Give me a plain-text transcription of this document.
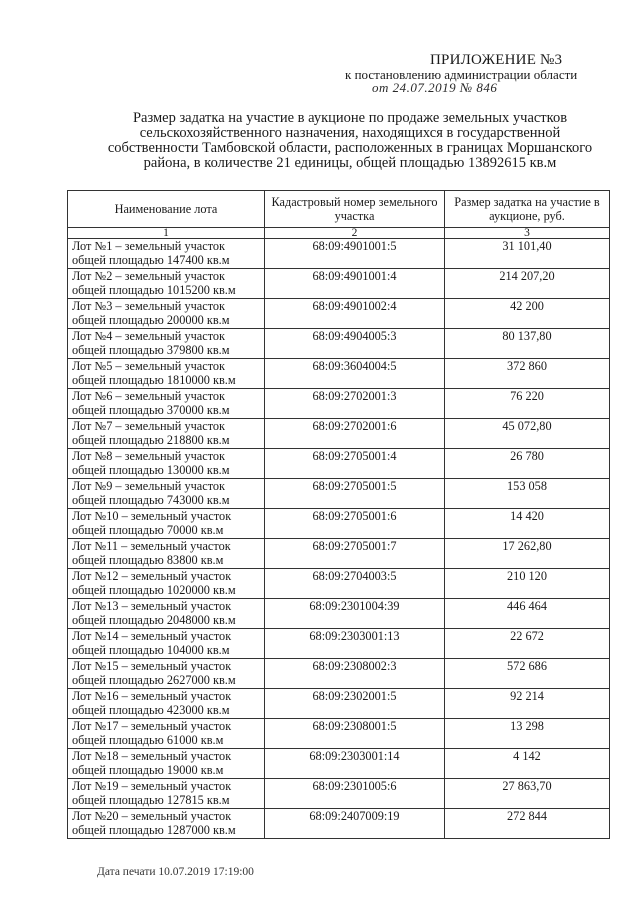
ПРИЛОЖЕНИЕ №3
к постановлению администрации области
от 24.07.2019 № 846
Размер задатка на участие в аукционе по продаже земельных участков сельскохозяйственного назначения, находящихся в государственной собственности Тамбовской области, расположенных в границах Моршанского района, в количестве 21 единицы, общей площадью 13892615 кв.м
Наименование лота	Кадастровый номер земельного участка	Размер задатка на участие в аукционе, руб.
1	2	3
Лот №1 – земельный участок общей площадью 147400 кв.м	68:09:4901001:5	31 101,40
Лот №2 – земельный участок общей площадью 1015200 кв.м	68:09:4901001:4	214 207,20
Лот №3 – земельный участок общей площадью 200000 кв.м	68:09:4901002:4	42 200
Лот №4 – земельный участок общей площадью 379800 кв.м	68:09:4904005:3	80 137,80
Лот №5 – земельный участок общей площадью 1810000 кв.м	68:09:3604004:5	372 860
Лот №6 – земельный участок общей площадью 370000 кв.м	68:09:2702001:3	76 220
Лот №7 – земельный участок общей площадью 218800 кв.м	68:09:2702001:6	45 072,80
Лот №8 – земельный участок общей площадью 130000 кв.м	68:09:2705001:4	26 780
Лот №9 – земельный участок общей площадью 743000 кв.м	68:09:2705001:5	153 058
Лот №10 – земельный участок общей площадью 70000 кв.м	68:09:2705001:6	14 420
Лот №11 – земельный участок общей площадью 83800 кв.м	68:09:2705001:7	17 262,80
Лот №12 – земельный участок общей площадью 1020000 кв.м	68:09:2704003:5	210 120
Лот №13 – земельный участок общей площадью 2048000 кв.м	68:09:2301004:39	446 464
Лот №14 – земельный участок общей площадью 104000 кв.м	68:09:2303001:13	22 672
Лот №15 – земельный участок общей площадью 2627000 кв.м	68:09:2308002:3	572 686
Лот №16 – земельный участок общей площадью 423000 кв.м	68:09:2302001:5	92 214
Лот №17 – земельный участок общей площадью 61000 кв.м	68:09:2308001:5	13 298
Лот №18 – земельный участок общей площадью 19000 кв.м	68:09:2303001:14	4 142
Лот №19 – земельный участок общей площадью 127815 кв.м	68:09:2301005:6	27 863,70
Лот №20 – земельный участок общей площадью 1287000 кв.м	68:09:2407009:19	272 844
Дата печати 10.07.2019 17:19:00
